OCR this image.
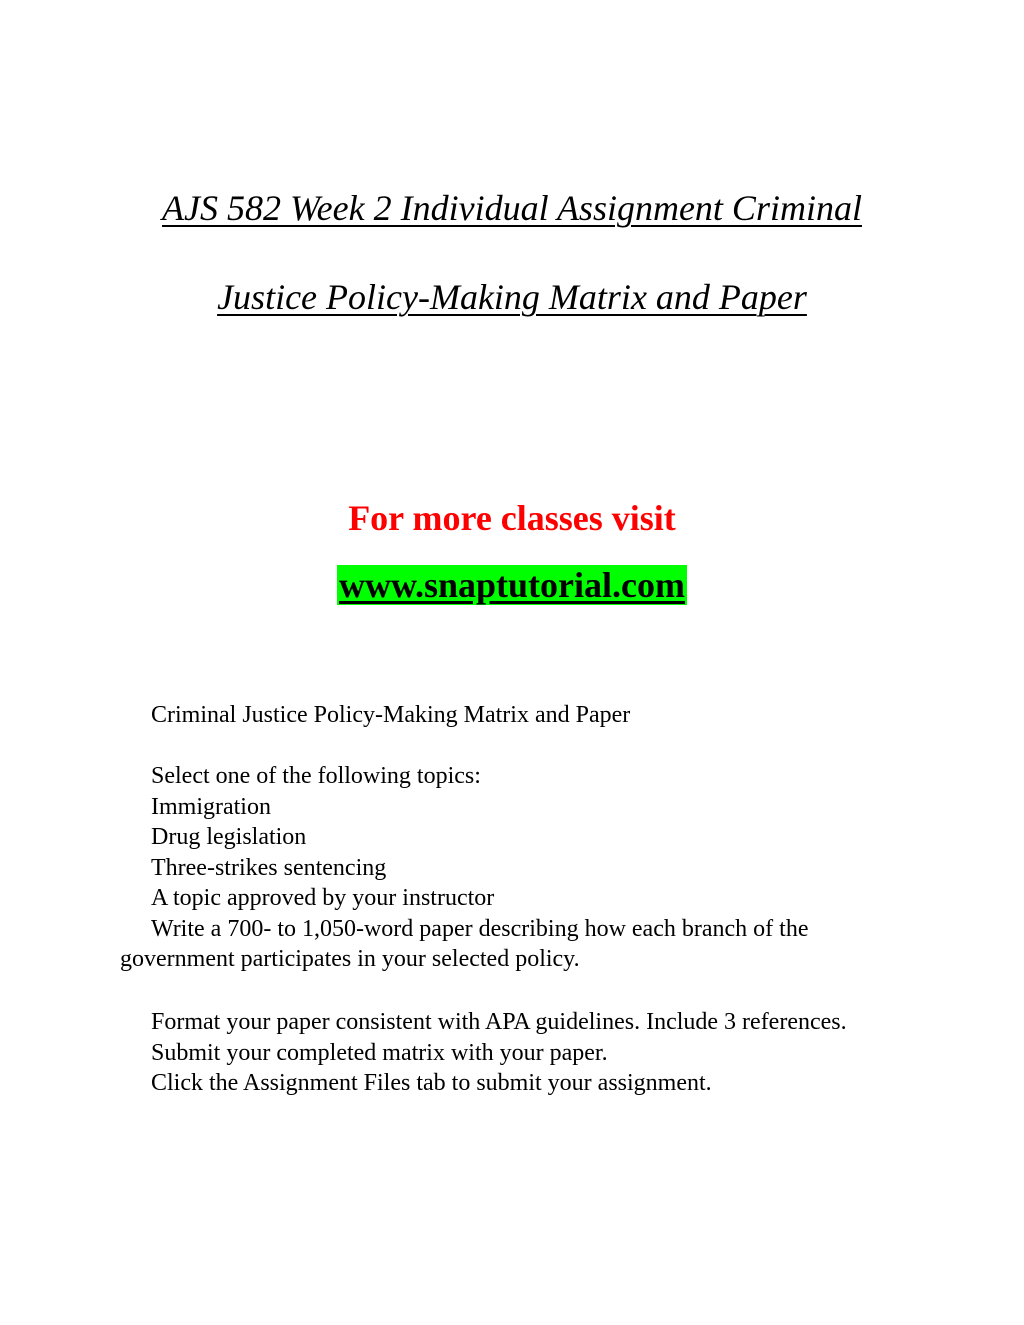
AJS 582 Week 2 Individual Assignment Criminal
Justice Policy-Making Matrix and Paper
For more classes visit
www.snaptutorial.com

Criminal Justice Policy-Making Matrix and Paper

Select one of the following topics:
Immigration
Drug legislation
Three-strikes sentencing
A topic approved by your instructor
Write a 700- to 1,050-word paper describing how each branch of the government participates in your selected policy.
Format your paper consistent with APA guidelines. Include 3 references.
Submit your completed matrix with your paper.
Click the Assignment Files tab to submit your assignment.
